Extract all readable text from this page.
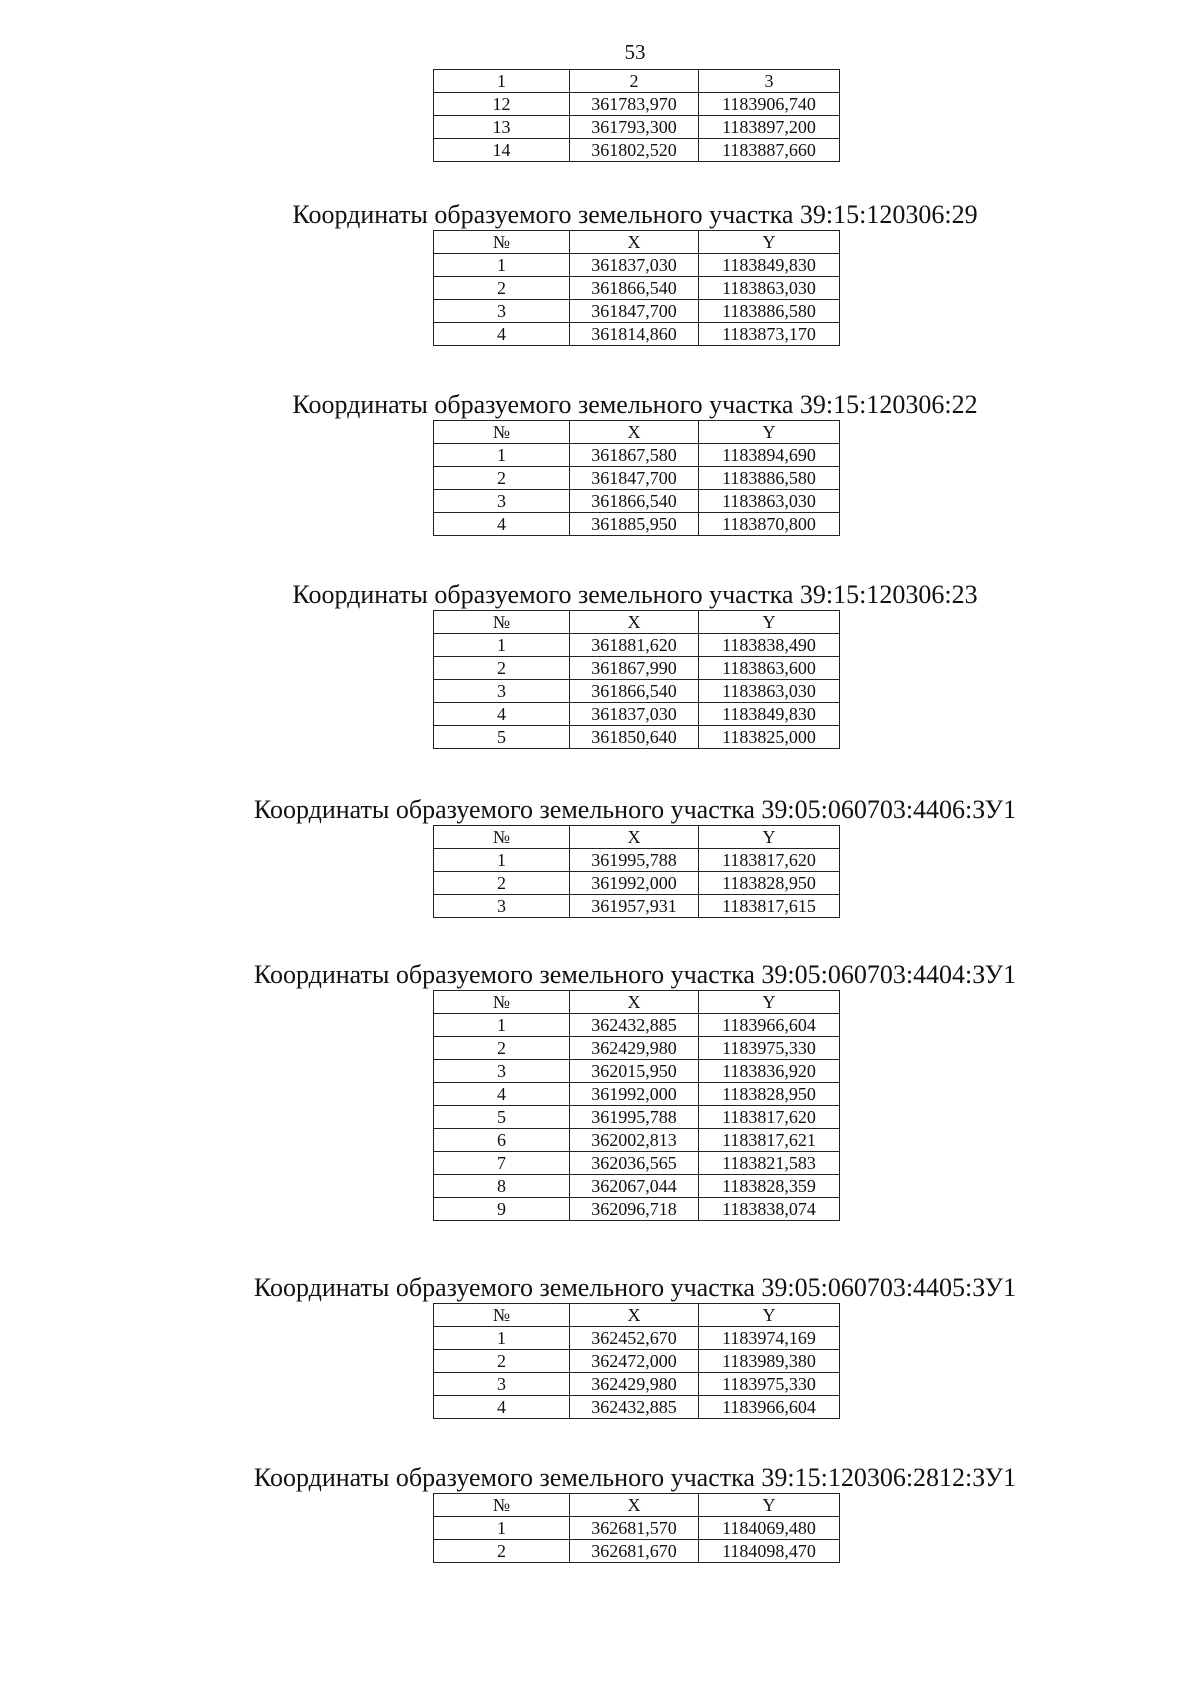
53
1	2	3
12	361783,970	1183906,740
13	361793,300	1183897,200
14	361802,520	1183887,660
Координаты образуемого земельного участка 39:15:120306:29
№	X	Y
1	361837,030	1183849,830
2	361866,540	1183863,030
3	361847,700	1183886,580
4	361814,860	1183873,170
Координаты образуемого земельного участка 39:15:120306:22
№	X	Y
1	361867,580	1183894,690
2	361847,700	1183886,580
3	361866,540	1183863,030
4	361885,950	1183870,800
Координаты образуемого земельного участка 39:15:120306:23
№	X	Y
1	361881,620	1183838,490
2	361867,990	1183863,600
3	361866,540	1183863,030
4	361837,030	1183849,830
5	361850,640	1183825,000
Координаты образуемого земельного участка 39:05:060703:4406:ЗУ1
№	X	Y
1	361995,788	1183817,620
2	361992,000	1183828,950
3	361957,931	1183817,615
Координаты образуемого земельного участка 39:05:060703:4404:ЗУ1
№	X	Y
1	362432,885	1183966,604
2	362429,980	1183975,330
3	362015,950	1183836,920
4	361992,000	1183828,950
5	361995,788	1183817,620
6	362002,813	1183817,621
7	362036,565	1183821,583
8	362067,044	1183828,359
9	362096,718	1183838,074
Координаты образуемого земельного участка 39:05:060703:4405:ЗУ1
№	X	Y
1	362452,670	1183974,169
2	362472,000	1183989,380
3	362429,980	1183975,330
4	362432,885	1183966,604
Координаты образуемого земельного участка 39:15:120306:2812:ЗУ1
№	X	Y
1	362681,570	1184069,480
2	362681,670	1184098,470
